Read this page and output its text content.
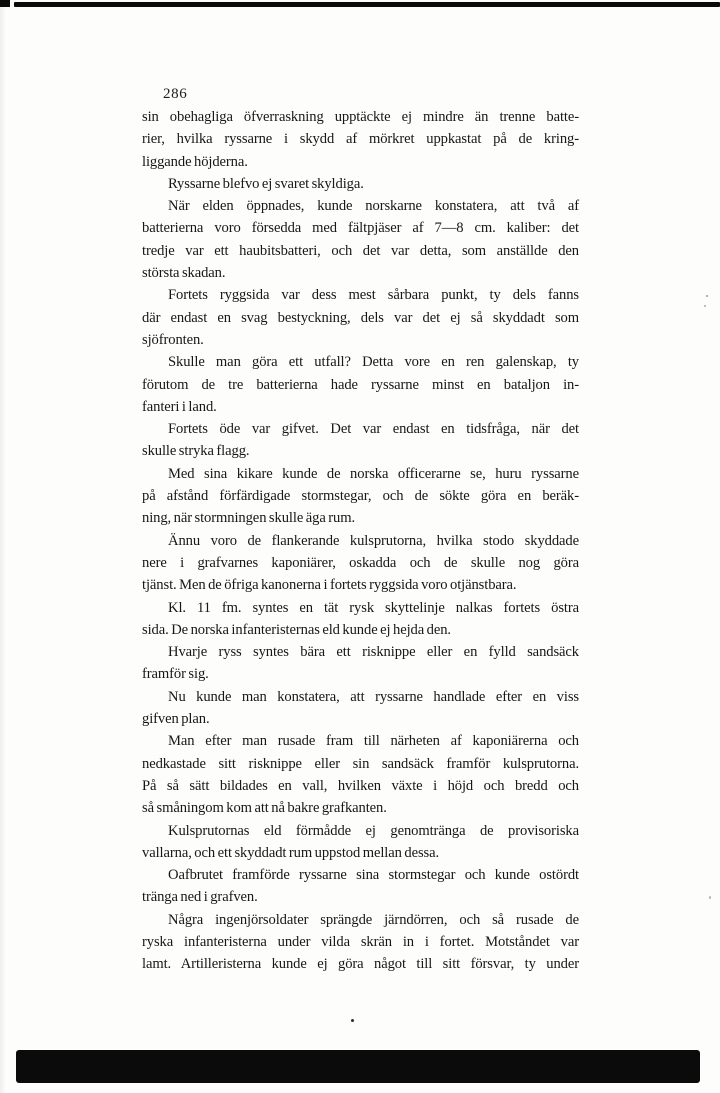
286
sin obehagliga öfverraskning upptäckte ej mindre än trenne batte-
rier, hvilka ryssarne i skydd af mörkret uppkastat på de kring-
liggande höjderna.
Ryssarne blefvo ej svaret skyldiga.
När elden öppnades, kunde norskarne konstatera, att två af
batterierna voro försedda med fältpjäser af 7—8 cm. kaliber: det
tredje var ett haubitsbatteri, och det var detta, som anställde den
största skadan.
Fortets ryggsida var dess mest sårbara punkt, ty dels fanns
där endast en svag bestyckning, dels var det ej så skyddadt som
sjöfronten.
Skulle man göra ett utfall? Detta vore en ren galenskap, ty
förutom de tre batterierna hade ryssarne minst en bataljon in-
fanteri i land.
Fortets öde var gifvet. Det var endast en tidsfråga, när det
skulle stryka flagg.
Med sina kikare kunde de norska officerarne se, huru ryssarne
på afstånd förfärdigade stormstegar, och de sökte göra en beräk-
ning, när stormningen skulle äga rum.
Ännu voro de flankerande kulsprutorna, hvilka stodo skyddade
nere i grafvarnes kaponiärer, oskadda och de skulle nog göra
tjänst. Men de öfriga kanonerna i fortets ryggsida voro otjänstbara.
Kl. 11 fm. syntes en tät rysk skyttelinje nalkas fortets östra
sida. De norska infanteristernas eld kunde ej hejda den.
Hvarje ryss syntes bära ett risknippe eller en fylld sandsäck
framför sig.
Nu kunde man konstatera, att ryssarne handlade efter en viss
gifven plan.
Man efter man rusade fram till närheten af kaponiärerna och
nedkastade sitt risknippe eller sin sandsäck framför kulsprutorna.
På så sätt bildades en vall, hvilken växte i höjd och bredd och
så småningom kom att nå bakre grafkanten.
Kulsprutornas eld förmådde ej genomtränga de provisoriska
vallarna, och ett skyddadt rum uppstod mellan dessa.
Oafbrutet framförde ryssarne sina stormstegar och kunde ostördt
tränga ned i grafven.
Några ingenjörsoldater sprängde järndörren, och så rusade de
ryska infanteristerna under vilda skrän in i fortet. Motståndet var
lamt. Artilleristerna kunde ej göra något till sitt försvar, ty under
